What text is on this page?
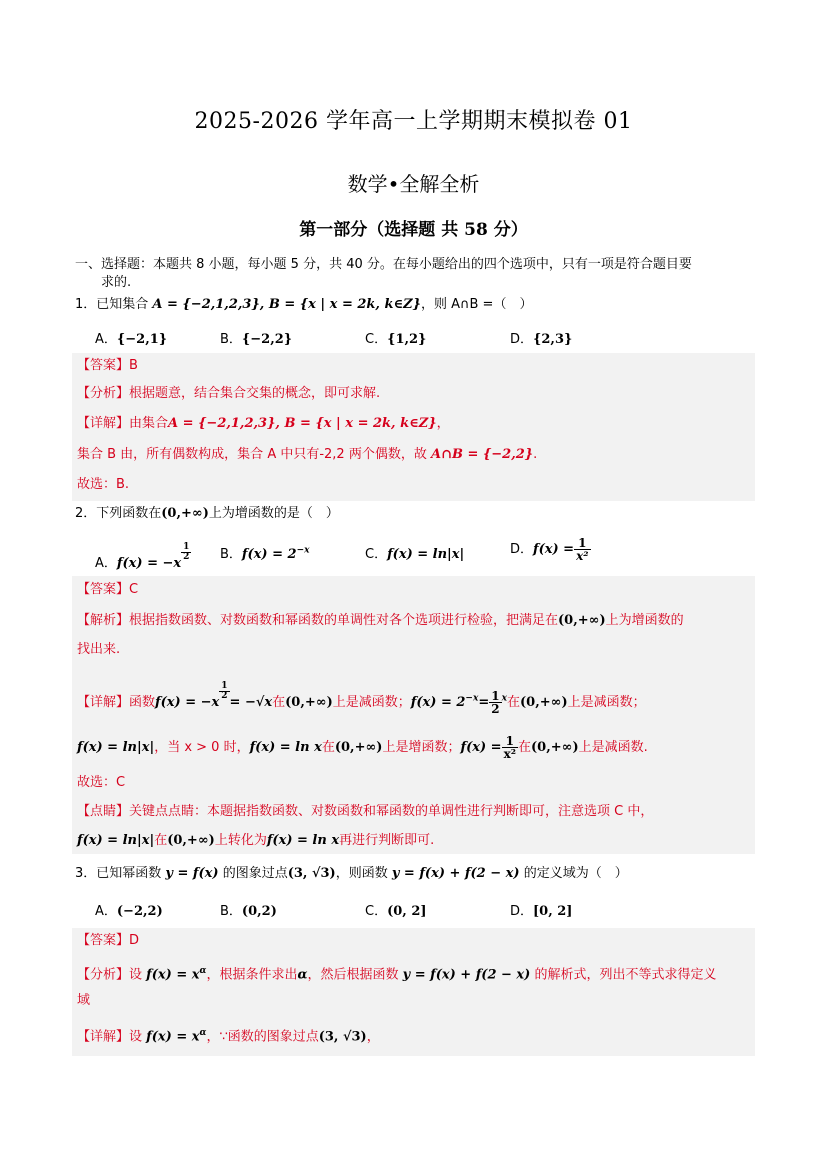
2025-2026 学年高一上学期期末模拟卷 01
数学•全解全析
第一部分（选择题 共 58 分）
一、选择题：本题共 8 小题，每小题 5 分，共 40 分。在每小题给出的四个选项中，只有一项是符合题目要
求的.
1．已知集合 A = {−2,1,2,3}, B = {x | x = 2k, k∈Z}，则 A∩B =（　）
A．{−2,1}	B．{−2,2}	C．{1,2}	D．{2,3}
【答案】B
【分析】根据题意，结合集合交集的概念，即可求解.
【详解】由集合A = {−2,1,2,3}, B = {x | x = 2k, k∈Z}，
集合 B 由，所有偶数构成，集合 A 中只有-2,2 两个偶数，故 A∩B = {−2,2}.
故选：B.
2．下列函数在(0,+∞)上为增函数的是（　）
A．f(x) = −x
$\frac{1}{2}$ B．$f(x) = 2^{-x}$	C．f(x) = ln|x|	D．$f(x) = \frac{1}{\text{x²}}$
【答案】C
【解析】根据指数函数、对数函数和幂函数的单调性对各个选项进行检验，把满足在(0,+∞)上为增函数的
找出来.
【详解】函数f(x) = −x
$\frac{1}{2}$
= −√x在(0,+∞)上是减函数；$f(x) = 2^{-x}= \frac{1}{2} ^x$在(0,+∞)上是减函数；
f(x) = ln|x|，当 x > 0 时，f(x) = ln x在(0,+∞)上是增函数；$f(x) = \frac{1}{\text{x²}}$ 在(0,+∞)上是减函数.
故选：C
【点睛】关键点点睛：本题据指数函数、对数函数和幂函数的单调性进行判断即可，注意选项 C 中，
f(x) = ln|x|在(0,+∞)上转化为f(x) = ln x再进行判断即可.
3．已知幂函数 y = f(x) 的图象过点(3, √3)，则函数 y = f(x) + f(2 − x) 的定义域为（　）
A．(−2,2)	B．(0,2)	C．(0, 2]	D．[0, 2]
【答案】D
【分析】设 $f(x) = x^\alpha$，根据条件求出α，然后根据函数 y = f(x) + f(2 − x) 的解析式，列出不等式求得定义
域
【详解】设 $f(x) = x^\alpha$，∵函数的图象过点(3, √3)，
